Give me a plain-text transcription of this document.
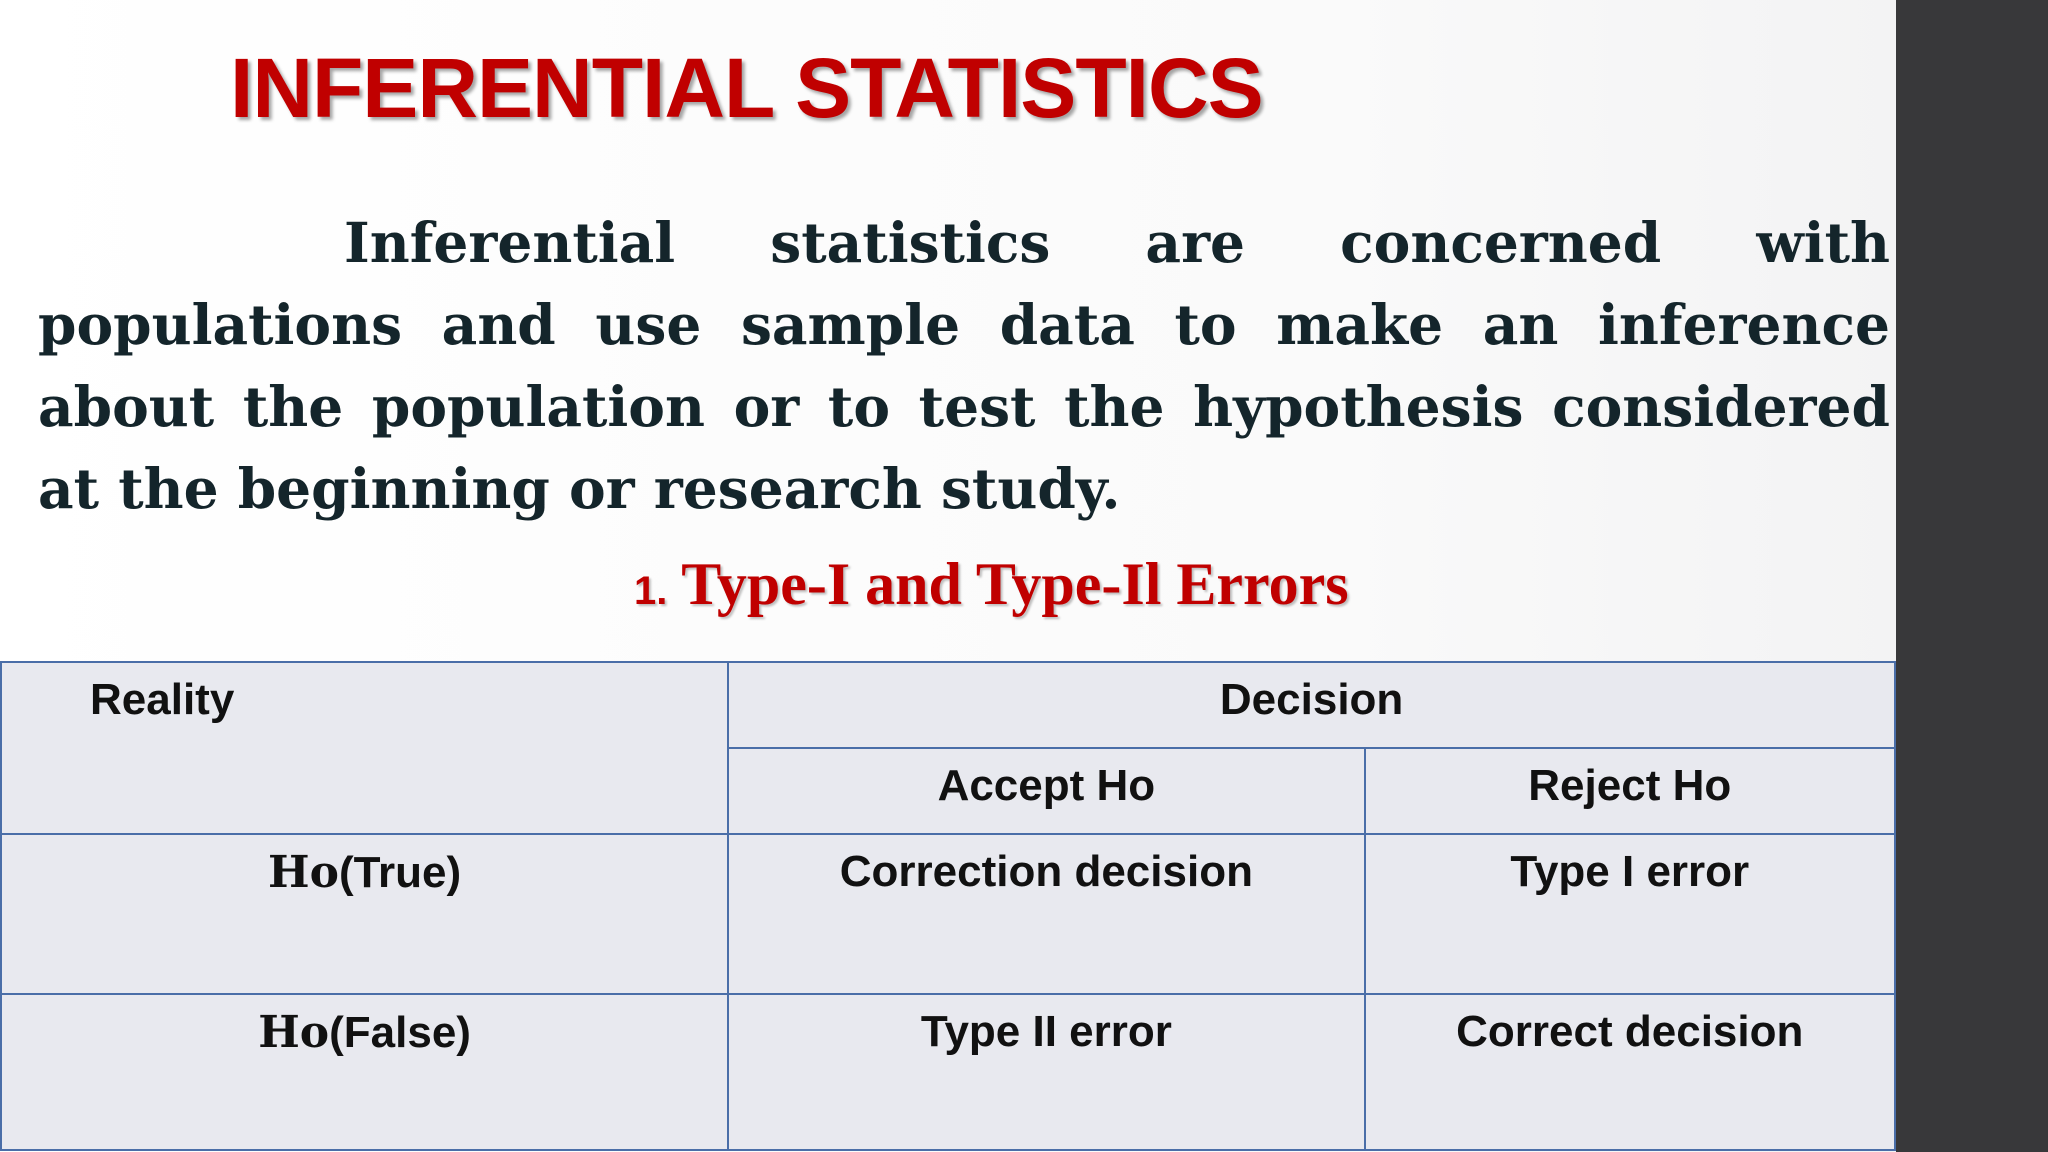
INFERENTIAL STATISTICS

Inferential statistics are concerned with populations and use sample data to make an inference about the population or to test the hypothesis considered at the beginning or research study.

1. Type-I and Type-Il Errors
Reality	Decision	

	Accept Ho	Reject Ho

Ho(True)	Correction decision	Type I error

Ho(False)	Type II error	Correct decision
